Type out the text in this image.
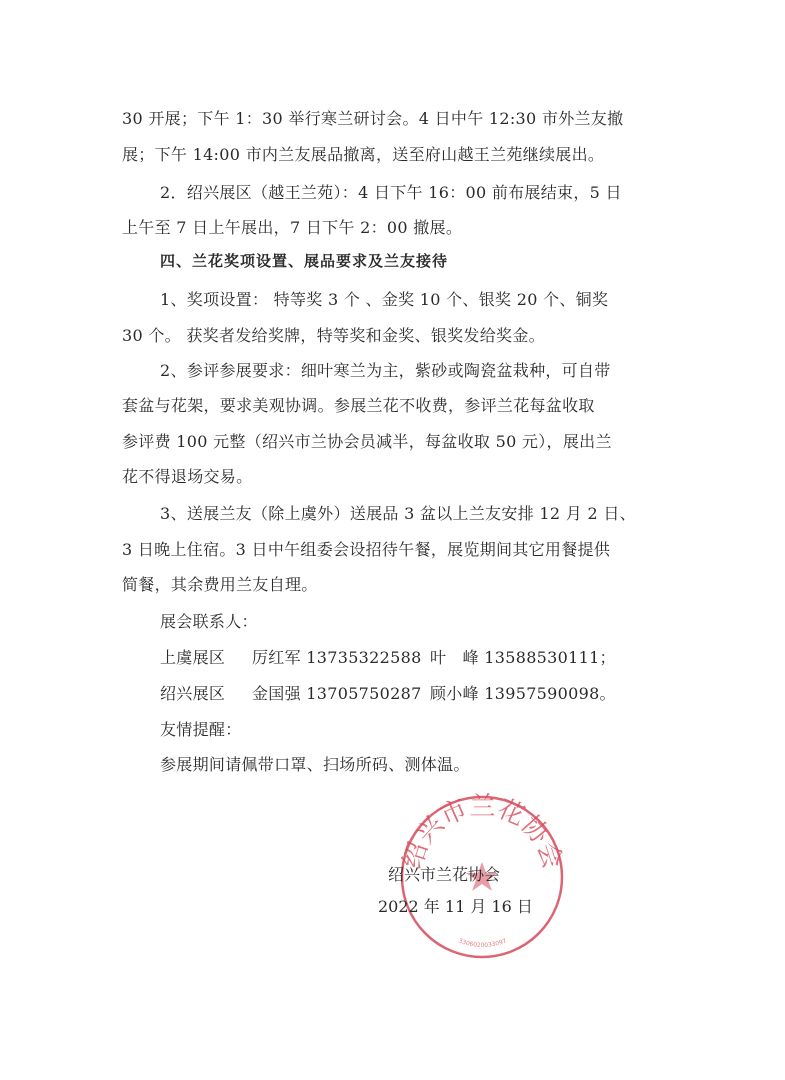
30 开展；下午 1：30 举行寒兰研讨会。4 日中午 12:30 市外兰友撤
展；下午 14:00 市内兰友展品撤离，送至府山越王兰苑继续展出。
2．绍兴展区（越王兰苑）：4 日下午 16：00 前布展结束，5 日
上午至 7 日上午展出，7 日下午 2：00 撤展。
四、兰花奖项设置、展品要求及兰友接待
1、奖项设置： 特等奖 3 个 、金奖 10 个、银奖 20 个、铜奖
30 个。 获奖者发给奖牌，特等奖和金奖、银奖发给奖金。
2、参评参展要求：细叶寒兰为主，紫砂或陶瓷盆栽种，可自带
套盆与花架，要求美观协调。参展兰花不收费，参评兰花每盆收取
参评费 100 元整（绍兴市兰协会员减半，每盆收取 50 元），展出兰
花不得退场交易。
3、送展兰友（除上虞外）送展品 3 盆以上兰友安排 12 月 2 日、
3 日晚上住宿。3 日中午组委会设招待午餐，展览期间其它用餐提供
简餐，其余费用兰友自理。
展会联系人：
友情提醒：
参展期间请佩带口罩、扫场所码、测体温。
上虞展区 厉红军 13735322588 叶　峰 13588530111；
绍兴展区 金国强 13705750287 顾小峰 13957590098。
绍兴市兰花协会
3306020033097
绍兴市兰花协会
2022 年 11 月 16 日
